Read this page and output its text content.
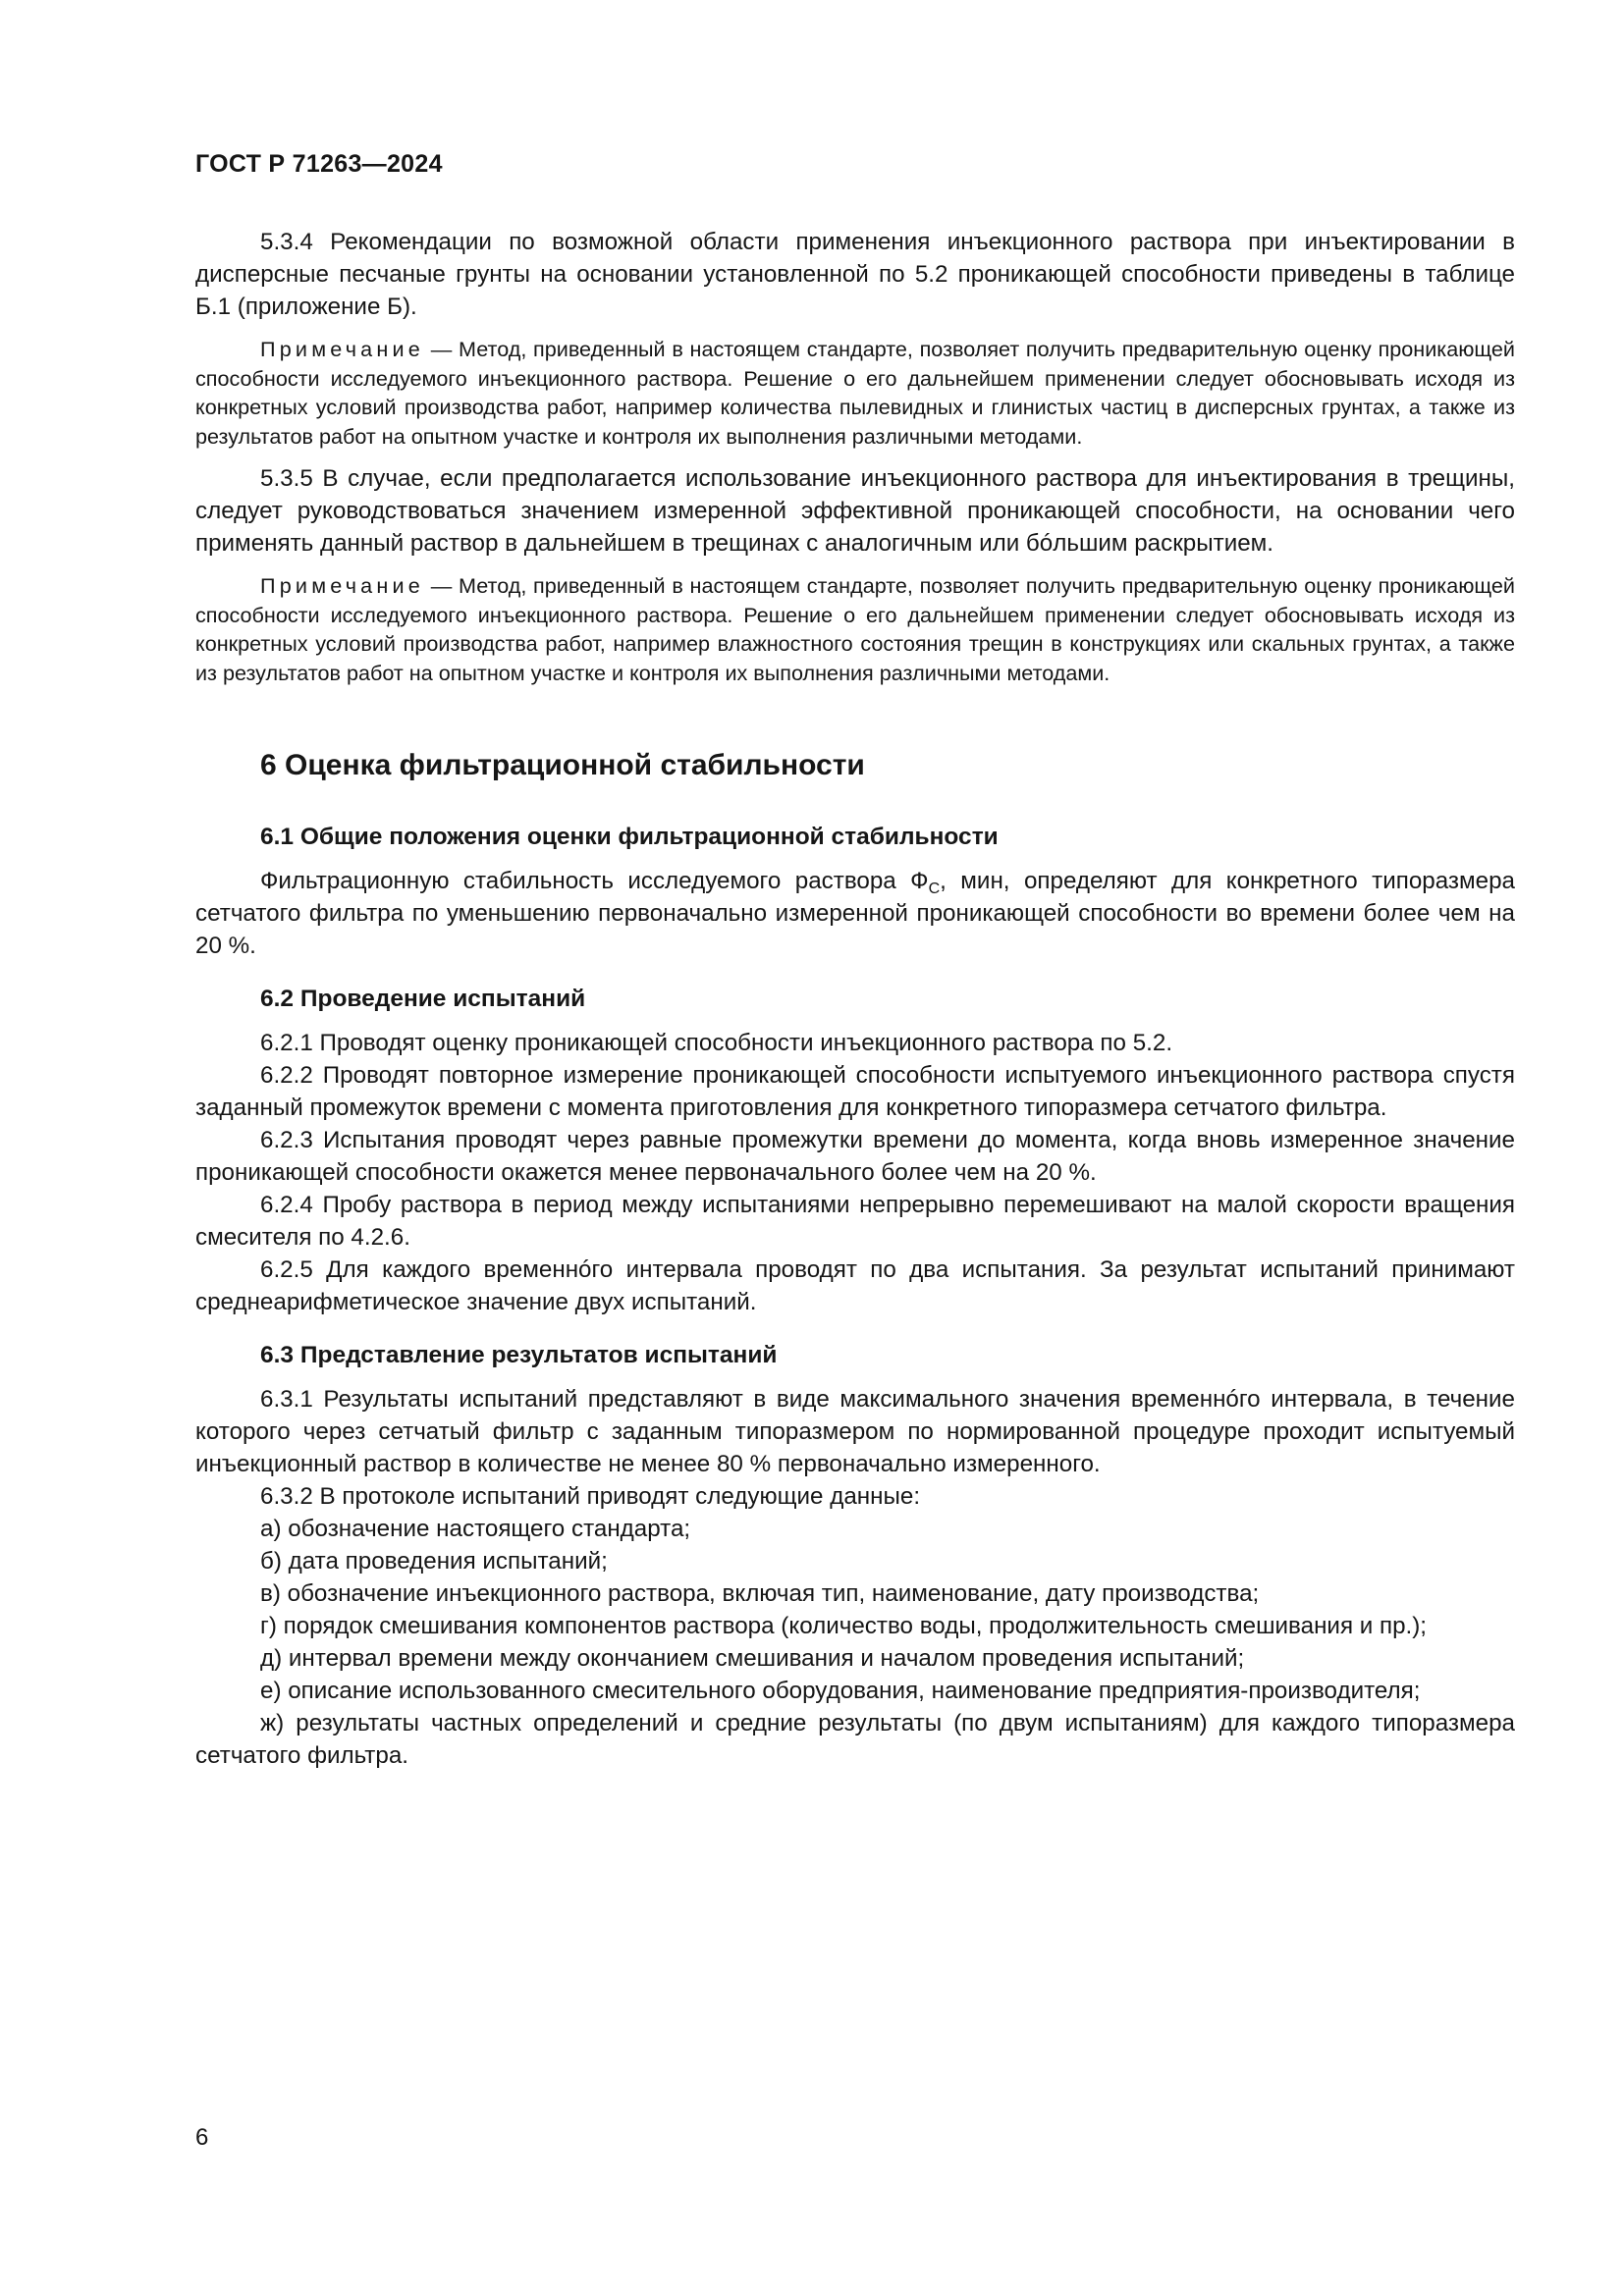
ГОСТ Р 71263—2024

5.3.4 Рекомендации по возможной области применения инъекционного раствора при инъектировании в дисперсные песчаные грунты на основании установленной по 5.2 проникающей способности приведены в таблице Б.1 (приложение Б).

Примечание — Метод, приведенный в настоящем стандарте, позволяет получить предварительную оценку проникающей способности исследуемого инъекционного раствора. Решение о его дальнейшем применении следует обосновывать исходя из конкретных условий производства работ, например количества пылевидных и глинистых частиц в дисперсных грунтах, а также из результатов работ на опытном участке и контроля их выполнения различными методами.

5.3.5 В случае, если предполагается использование инъекционного раствора для инъектирования в трещины, следует руководствоваться значением измеренной эффективной проникающей способности, на основании чего применять данный раствор в дальнейшем в трещинах с аналогичным или бóльшим раскрытием.

Примечание — Метод, приведенный в настоящем стандарте, позволяет получить предварительную оценку проникающей способности исследуемого инъекционного раствора. Решение о его дальнейшем применении следует обосновывать исходя из конкретных условий производства работ, например влажностного состояния трещин в конструкциях или скальных грунтах, а также из результатов работ на опытном участке и контроля их выполнения различными методами.

6 Оценка фильтрационной стабильности
6.1 Общие положения оценки фильтрационной стабильности

Фильтрационную стабильность исследуемого раствора $Ф_С$, мин, определяют для конкретного типоразмера сетчатого фильтра по уменьшению первоначально измеренной проникающей способности во времени более чем на 20 %.

6.2 Проведение испытаний

6.2.1 Проводят оценку проникающей способности инъекционного раствора по 5.2.

6.2.2 Проводят повторное измерение проникающей способности испытуемого инъекционного раствора спустя заданный промежуток времени с момента приготовления для конкретного типоразмера сетчатого фильтра.

6.2.3 Испытания проводят через равные промежутки времени до момента, когда вновь измеренное значение проникающей способности окажется менее первоначального более чем на 20 %.

6.2.4 Пробу раствора в период между испытаниями непрерывно перемешивают на малой скорости вращения смесителя по 4.2.6.

6.2.5 Для каждого временнóго интервала проводят по два испытания. За результат испытаний принимают среднеарифметическое значение двух испытаний.

6.3 Представление результатов испытаний

6.3.1 Результаты испытаний представляют в виде максимального значения временнóго интервала, в течение которого через сетчатый фильтр с заданным типоразмером по нормированной процедуре проходит испытуемый инъекционный раствор в количестве не менее 80 % первоначально измеренного.

6.3.2 В протоколе испытаний приводят следующие данные:

а) обозначение настоящего стандарта;

б) дата проведения испытаний;

в) обозначение инъекционного раствора, включая тип, наименование, дату производства;

г) порядок смешивания компонентов раствора (количество воды, продолжительность смешивания и пр.);

д) интервал времени между окончанием смешивания и началом проведения испытаний;

е) описание использованного смесительного оборудования, наименование предприятия-производителя;

ж) результаты частных определений и средние результаты (по двум испытаниям) для каждого типоразмера сетчатого фильтра.

6
